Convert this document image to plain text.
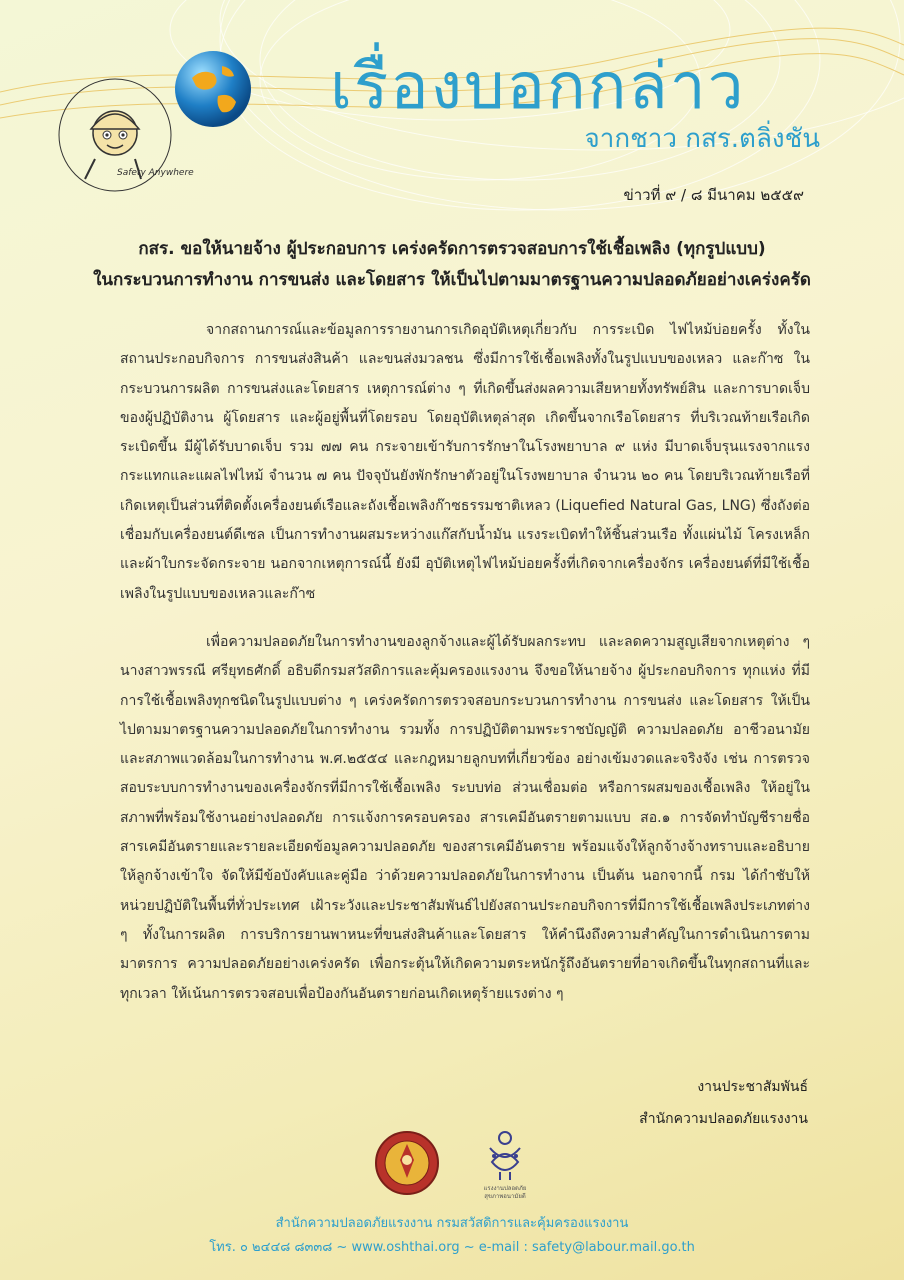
Safety Anywhere
เรื่องบอกกล่าว
จากชาว กสร.ตลิ่งชัน
ข่าวที่ ๙ / ๘ มีนาคม ๒๕๕๙
กสร. ขอให้นายจ้าง ผู้ประกอบการ เคร่งครัดการตรวจสอบการใช้เชื้อเพลิง (ทุกรูปแบบ)
ในกระบวนการทำงาน การขนส่ง และโดยสาร ให้เป็นไปตามมาตรฐานความปลอดภัยอย่างเคร่งครัด
จากสถานการณ์และข้อมูลการรายงานการเกิดอุบัติเหตุเกี่ยวกับ การระเบิด ไฟไหม้บ่อยครั้ง ทั้งในสถานประกอบกิจการ การขนส่งสินค้า และขนส่งมวลชน ซึ่งมีการใช้เชื้อเพลิงทั้งในรูปแบบของเหลว และก๊าซ ในกระบวนการผลิต การขนส่งและโดยสาร เหตุการณ์ต่าง ๆ ที่เกิดขึ้นส่งผลความเสียหายทั้งทรัพย์สิน และการบาดเจ็บ ของผู้ปฏิบัติงาน ผู้โดยสาร และผู้อยู่พื้นที่โดยรอบ โดยอุบัติเหตุล่าสุด เกิดขึ้นจากเรือโดยสาร ที่บริเวณท้ายเรือเกิดระเบิดขึ้น มีผู้ได้รับบาดเจ็บ รวม ๗๗ คน กระจายเข้ารับการรักษาในโรงพยาบาล ๙ แห่ง มีบาดเจ็บรุนแรงจากแรงกระแทกและแผลไฟไหม้ จำนวน ๗ คน ปัจจุบันยังพักรักษาตัวอยู่ในโรงพยาบาล จำนวน ๒๐ คน โดยบริเวณท้ายเรือที่เกิดเหตุเป็นส่วนที่ติดตั้งเครื่องยนต์เรือและถังเชื้อเพลิงก๊าซธรรมชาติเหลว (Liquefied Natural Gas, LNG) ซึ่งถังต่อเชื่อมกับเครื่องยนต์ดีเซล เป็นการทำงานผสมระหว่างแก๊สกับน้ำมัน แรงระเบิดทำให้ชิ้นส่วนเรือ ทั้งแผ่นไม้ โครงเหล็ก และผ้าใบกระจัดกระจาย นอกจากเหตุการณ์นี้ ยังมี อุบัติเหตุไฟไหม้บ่อยครั้งที่เกิดจากเครื่องจักร เครื่องยนต์ที่มีใช้เชื้อเพลิงในรูปแบบของเหลวและก๊าซ
เพื่อความปลอดภัยในการทำงานของลูกจ้างและผู้ได้รับผลกระทบ และลดความสูญเสียจากเหตุต่าง ๆ นางสาวพรรณี ศรียุทธศักดิ์ อธิบดีกรมสวัสดิการและคุ้มครองแรงงาน จึงขอให้นายจ้าง ผู้ประกอบกิจการ ทุกแห่ง ที่มีการใช้เชื้อเพลิงทุกชนิดในรูปแบบต่าง ๆ เคร่งครัดการตรวจสอบกระบวนการทำงาน การขนส่ง และโดยสาร ให้เป็นไปตามมาตรฐานความปลอดภัยในการทำงาน รวมทั้ง การปฏิบัติตามพระราชบัญญัติ ความปลอดภัย อาชีวอนามัย และสภาพแวดล้อมในการทำงาน พ.ศ.๒๕๕๔ และกฎหมายลูกบทที่เกี่ยวข้อง อย่างเข้มงวดและจริงจัง เช่น การตรวจสอบระบบการทำงานของเครื่องจักรที่มีการใช้เชื้อเพลิง ระบบท่อ ส่วนเชื่อมต่อ หรือการผสมของเชื้อเพลิง ให้อยู่ในสภาพที่พร้อมใช้งานอย่างปลอดภัย การแจ้งการครอบครอง สารเคมีอันตรายตามแบบ สอ.๑ การจัดทำบัญชีรายชื่อสารเคมีอันตรายและรายละเอียดข้อมูลความปลอดภัย ของสารเคมีอันตราย พร้อมแจ้งให้ลูกจ้างจ้างทราบและอธิบายให้ลูกจ้างเข้าใจ จัดให้มีข้อบังคับและคู่มือ ว่าด้วยความปลอดภัยในการทำงาน เป็นต้น นอกจากนี้ กรม ได้กำชับให้หน่วยปฏิบัติในพื้นที่ทั่วประเทศ เฝ้าระวังและประชาสัมพันธ์ไปยังสถานประกอบกิจการที่มีการใช้เชื้อเพลิงประเภทต่าง ๆ ทั้งในการผลิต การบริการยานพาหนะที่ขนส่งสินค้าและโดยสาร ให้คำนึงถึงความสำคัญในการดำเนินการตามมาตรการ ความปลอดภัยอย่างเคร่งครัด เพื่อกระตุ้นให้เกิดความตระหนักรู้ถึงอันตรายที่อาจเกิดขึ้นในทุกสถานที่และ ทุกเวลา ให้เน้นการตรวจสอบเพื่อป้องกันอันตรายก่อนเกิดเหตุร้ายแรงต่าง ๆ
งานประชาสัมพันธ์
สำนักความปลอดภัยแรงงาน
แรงงานปลอดภัย
สุขภาพอนามัยดี
สำนักความปลอดภัยแรงงาน กรมสวัสดิการและคุ้มครองแรงงาน
โทร. ๐ ๒๔๔๘ ๘๓๓๘ ~ www.oshthai.org ~ e-mail : safety@labour.mail.go.th
